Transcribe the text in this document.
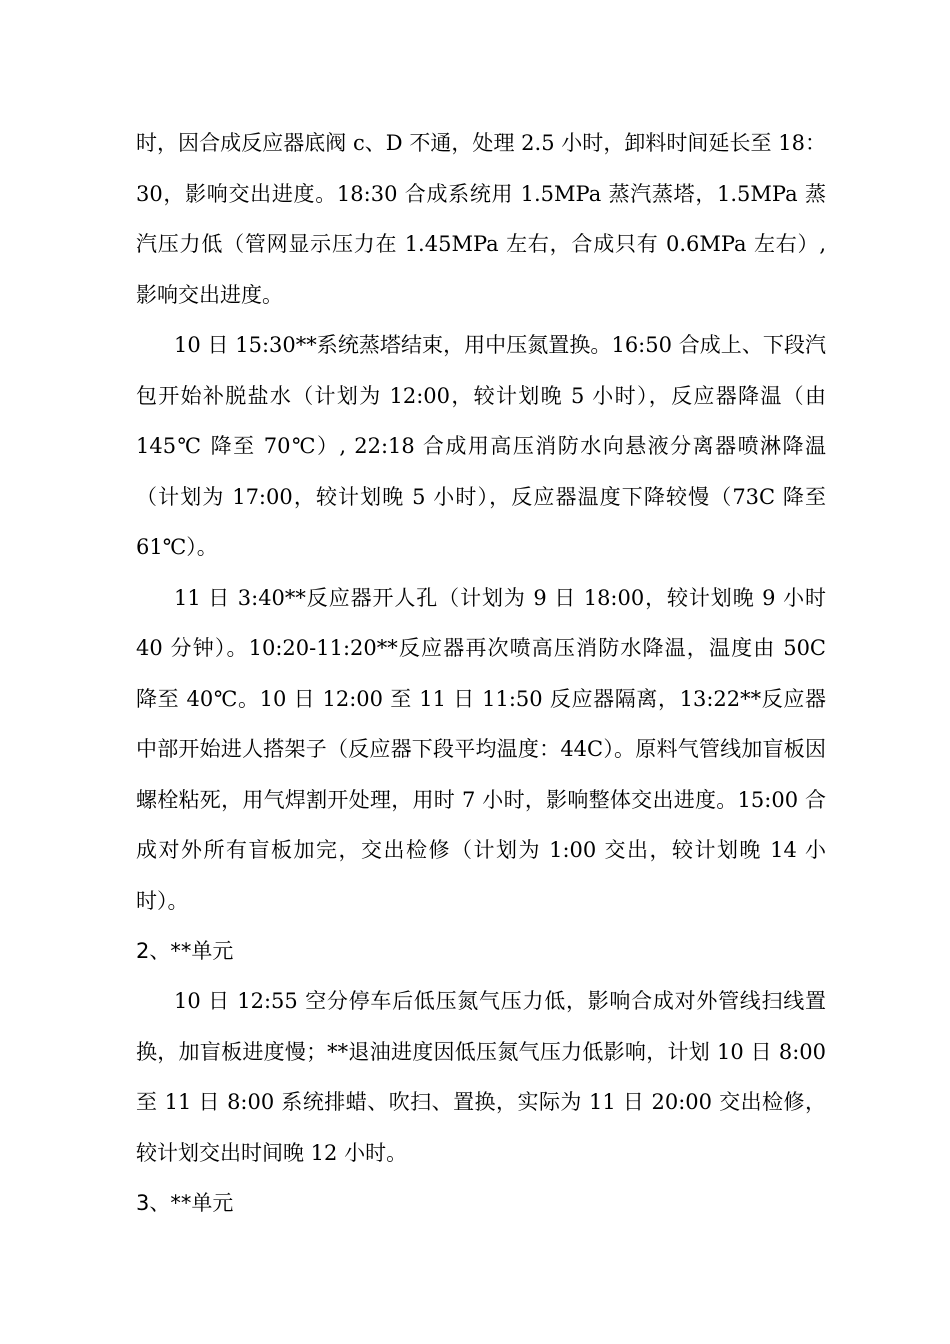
时，因合成反应器底阀 c、D 不通，处理 2.5 小时，卸料时间延长至 18：30，影响交出进度。18:30 合成系统用 1.5MPa 蒸汽蒸塔，1.5MPa 蒸汽压力低（管网显示压力在 1.45MPa 左右，合成只有 0.6MPa 左右）, 影响交出进度。

10 日 15:30**系统蒸塔结束，用中压氮置换。16:50 合成上、下段汽包开始补脱盐水（计划为 12:00，较计划晚 5 小时），反应器降温（由 145℃ 降至 70℃）, 22:18 合成用高压消防水向悬液分离器喷淋降温（计划为 17:00，较计划晚 5 小时），反应器温度下降较慢（73C 降至 61℃）。

11 日 3:40**反应器开人孔（计划为 9 日 18:00，较计划晚 9 小时 40 分钟）。10:20-11:20**反应器再次喷高压消防水降温，温度由 50C 降至 40℃。10 日 12:00 至 11 日 11:50 反应器隔离，13:22**反应器中部开始进人搭架子（反应器下段平均温度：44C）。原料气管线加盲板因螺栓粘死，用气焊割开处理，用时 7 小时，影响整体交出进度。15:00 合成对外所有盲板加完，交出检修（计划为 1:00 交出，较计划晚 14 小时）。

2、**单元

10 日 12:55 空分停车后低压氮气压力低，影响合成对外管线扫线置换，加盲板进度慢；**退油进度因低压氮气压力低影响，计划 10 日 8:00 至 11 日 8:00 系统排蜡、吹扫、置换，实际为 11 日 20:00 交出检修，较计划交出时间晚 12 小时。

3、**单元
